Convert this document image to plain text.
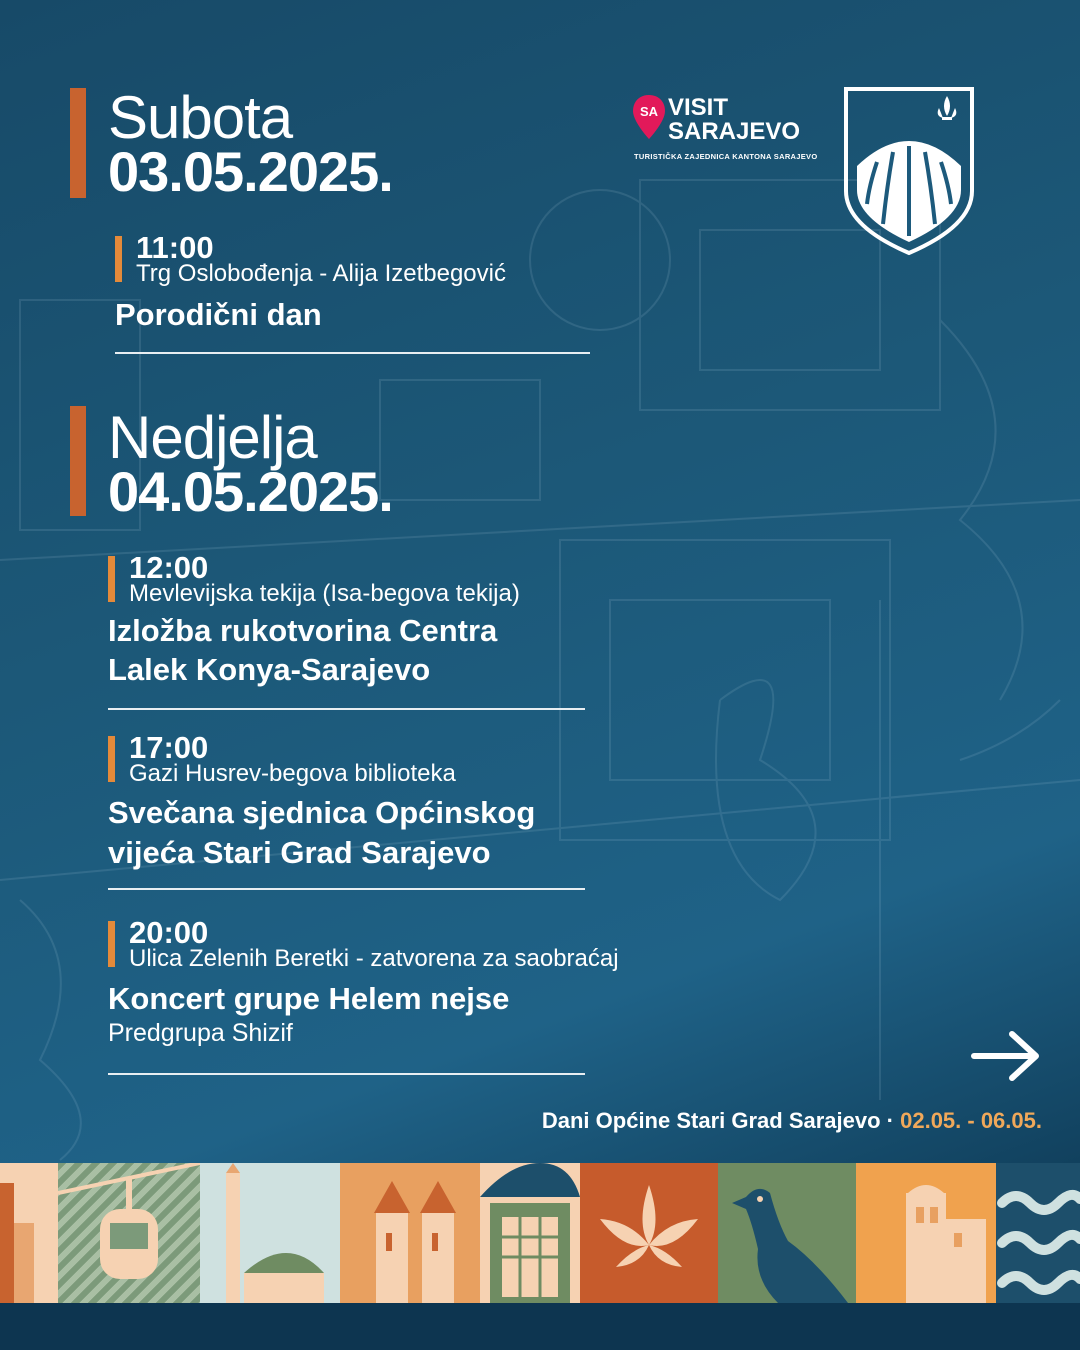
Subota
03.05.2025.
11:00
Trg Oslobođenja - Alija Izetbegović
Porodični dan
Nedjelja
04.05.2025.
12:00
Mevlevijska tekija (Isa-begova tekija)
Izložba rukotvorina Centra
Lalek Konya-Sarajevo
17:00
Gazi Husrev-begova biblioteka
Svečana sjednica Općinskog
vijeća Stari Grad Sarajevo
20:00
Ulica Zelenih Beretki - zatvorena za saobraćaj
Koncert grupe Helem nejse
Predgrupa Shizif
SA VISIT
SARAJEVO
TURISTIČKA ZAJEDNICA KANTONA SARAJEVO
Dani Općine Stari Grad Sarajevo · 02.05. - 06.05.
